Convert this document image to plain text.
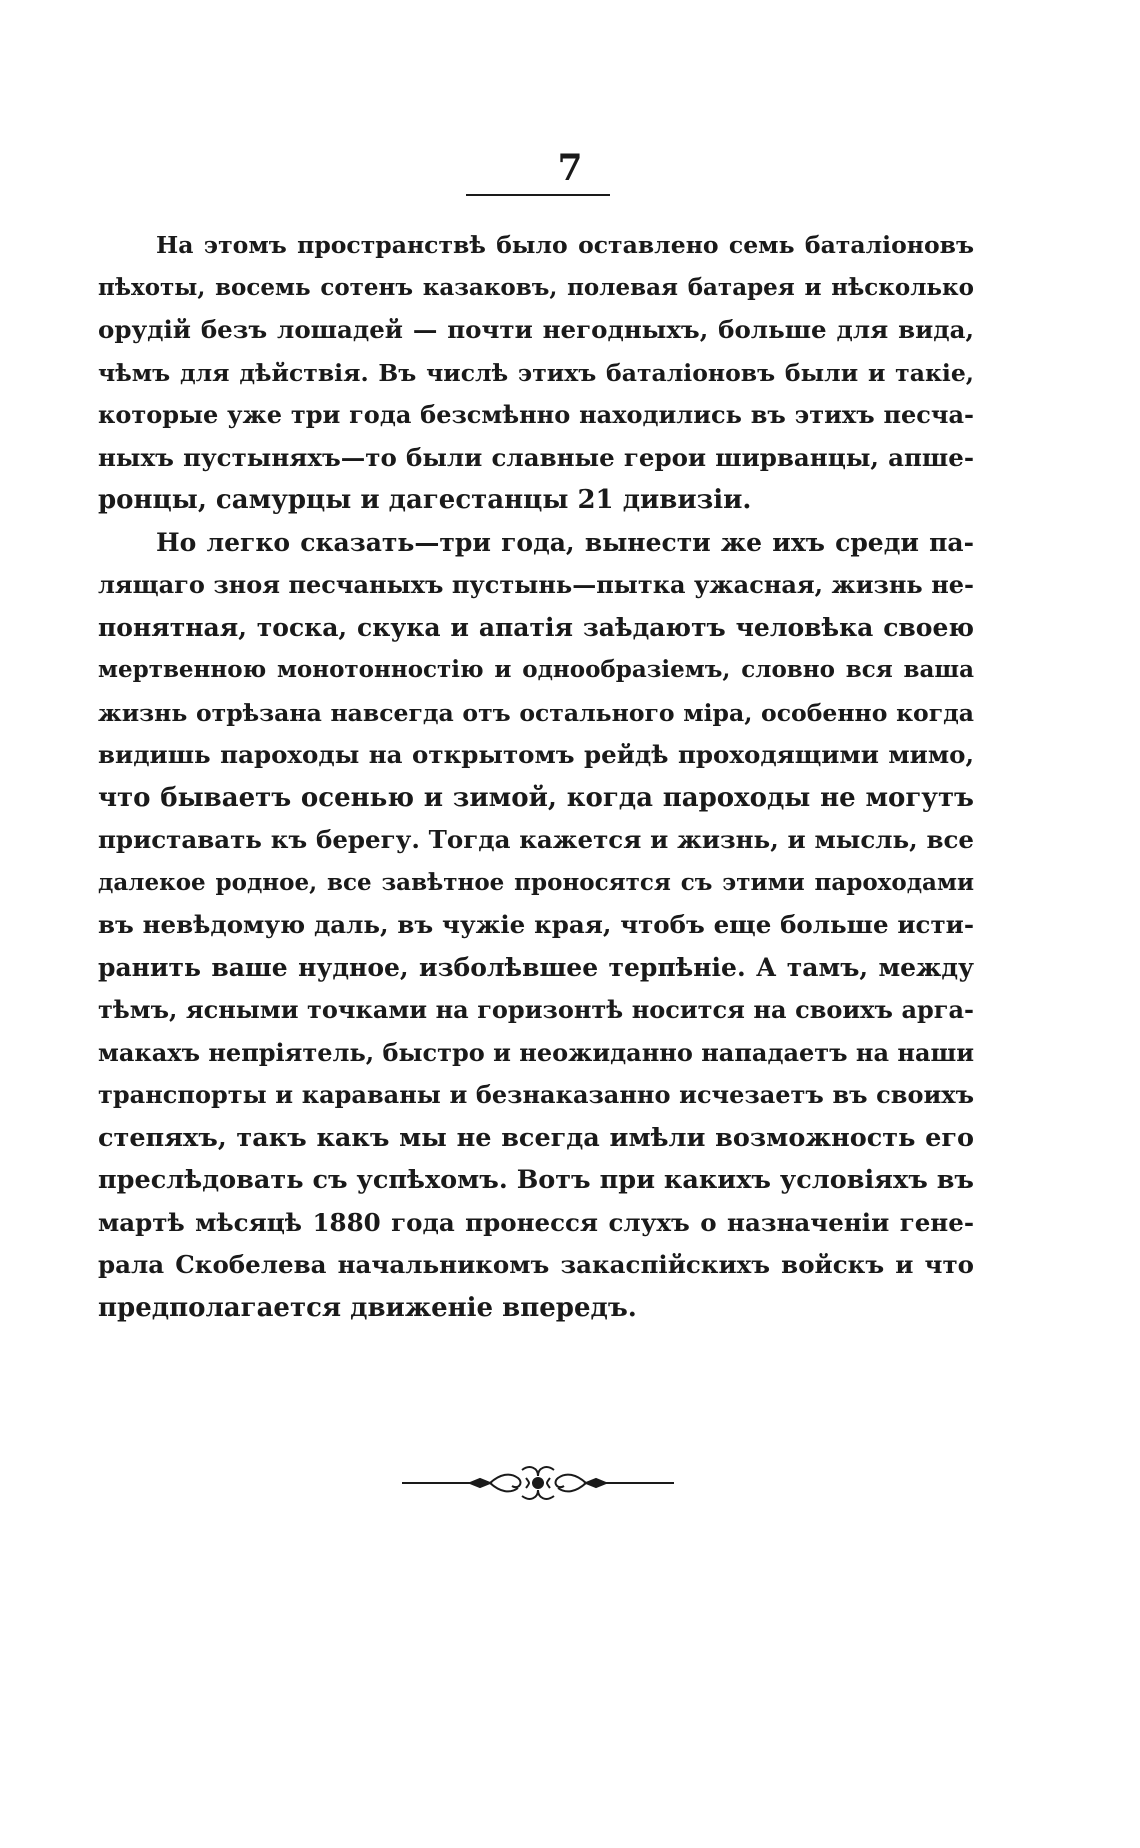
7
На этомъ пространствѣ было оставлено семь баталіоновъ
пѣхоты, восемь сотенъ казаковъ, полевая батарея и нѣсколько
орудій безъ лошадей — почти негодныхъ, больше для вида,
чѣмъ для дѣйствія. Въ числѣ этихъ баталіоновъ были и такіе,
которые уже три года безсмѣнно находились въ этихъ песча-
ныхъ пустыняхъ—то были славные герои ширванцы, апше-
ронцы, самурцы и дагестанцы 21 дивизіи.
Но легко сказать—три года, вынести же ихъ среди па-
лящаго зноя песчаныхъ пустынь—пытка ужасная, жизнь не-
понятная, тоска, скука и апатія заѣдаютъ человѣка своею
мертвенною монотонностію и однообразіемъ, словно вся ваша
жизнь отрѣзана навсегда отъ остального міра, особенно когда
видишь пароходы на открытомъ рейдѣ проходящими мимо,
что бываетъ осенью и зимой, когда пароходы не могутъ
приставать къ берегу. Тогда кажется и жизнь, и мысль, все
далекое родное, все завѣтное проносятся съ этими пароходами
въ невѣдомую даль, въ чужіе края, чтобъ еще больше исти-
ранить ваше нудное, изболѣвшее терпѣніе. А тамъ, между
тѣмъ, ясными точками на горизонтѣ носится на своихъ арга-
макахъ непріятель, быстро и неожиданно нападаетъ на наши
транспорты и караваны и безнаказанно исчезаетъ въ своихъ
степяхъ, такъ какъ мы не всегда имѣли возможность его
преслѣдовать съ успѣхомъ. Вотъ при какихъ условіяхъ въ
мартѣ мѣсяцѣ 1880 года пронесся слухъ о назначеніи гене-
рала Скобелева начальникомъ закаспійскихъ войскъ и что
предполагается движеніе впередъ.
